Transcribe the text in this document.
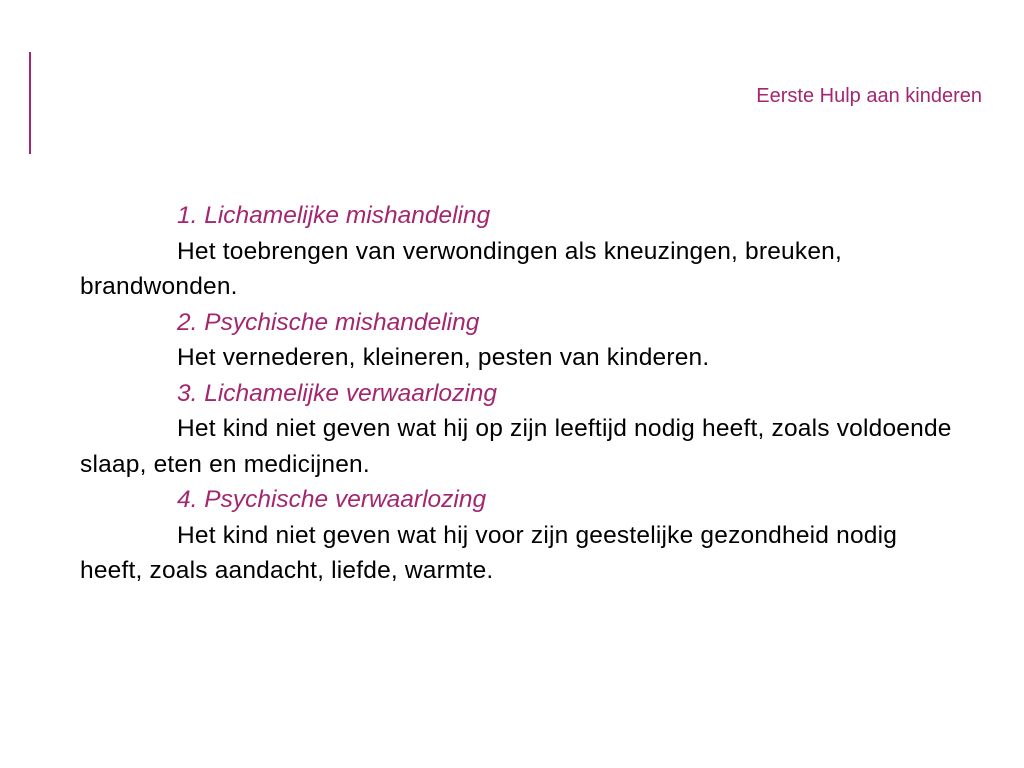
Eerste Hulp aan kinderen
1. Lichamelijke mishandeling
Het toebrengen van verwondingen als kneuzingen, breuken, brandwonden.
2. Psychische mishandeling
Het vernederen, kleineren, pesten van kinderen.
3. Lichamelijke verwaarlozing
Het kind niet geven wat hij op zijn leeftijd nodig heeft, zoals voldoende slaap, eten en medicijnen.
4. Psychische verwaarlozing
Het kind niet geven wat hij voor zijn geestelijke gezondheid nodig heeft, zoals aandacht, liefde, warmte.
